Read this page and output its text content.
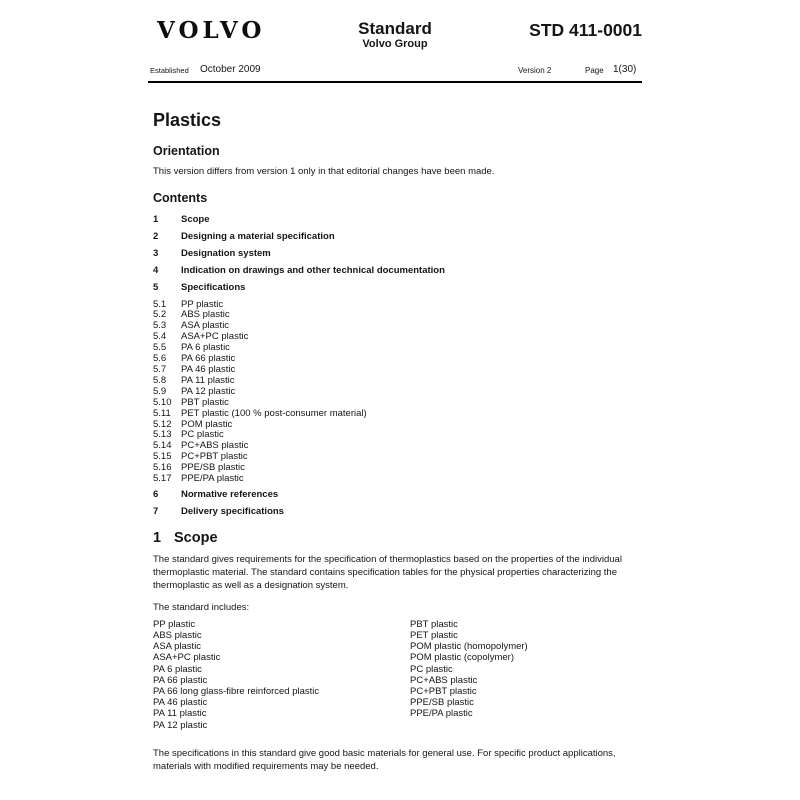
VOLVO	Standard
Volvo Group
STD 411-0001
Established October 2009	Version 2	Page 1(30)
Plastics
Orientation

This version differs from version 1 only in that editorial changes have been made.

Contents
1	Scope
2	Designing a material specification
3	Designation system
4	Indication on drawings and other technical documentation
5	Specifications
5.1	PP plastic
5.2	ABS plastic
5.3	ASA plastic
5.4	ASA+PC plastic
5.5	PA 6 plastic
5.6	PA 66 plastic
5.7	PA 46 plastic
5.8	PA 11 plastic
5.9	PA 12 plastic
5.10	PBT plastic
5.11	PET plastic (100 % post-consumer material)
5.12	POM plastic
5.13	PC plastic
5.14	PC+ABS plastic
5.15	PC+PBT plastic
5.16	PPE/SB plastic
5.17	PPE/PA plastic
6	Normative references
7	Delivery specifications
1 Scope

The standard gives requirements for the specification of thermoplastics based on the properties of the individual thermoplastic material. The standard contains specification tables for the physical properties characterizing the thermoplastic as well as a designation system.

The standard includes:

PP plastic
ABS plastic
ASA plastic
ASA+PC plastic
PA 6 plastic
PA 66 plastic
PA 66 long glass-fibre reinforced plastic
PA 46 plastic
PA 11 plastic
PA 12 plastic
PBT plastic
PET plastic
POM plastic (homopolymer)
POM plastic (copolymer)
PC plastic
PC+ABS plastic
PC+PBT plastic
PPE/SB plastic
PPE/PA plastic

The specifications in this standard give good basic materials for general use. For specific product applications, materials with modified requirements may be needed.
